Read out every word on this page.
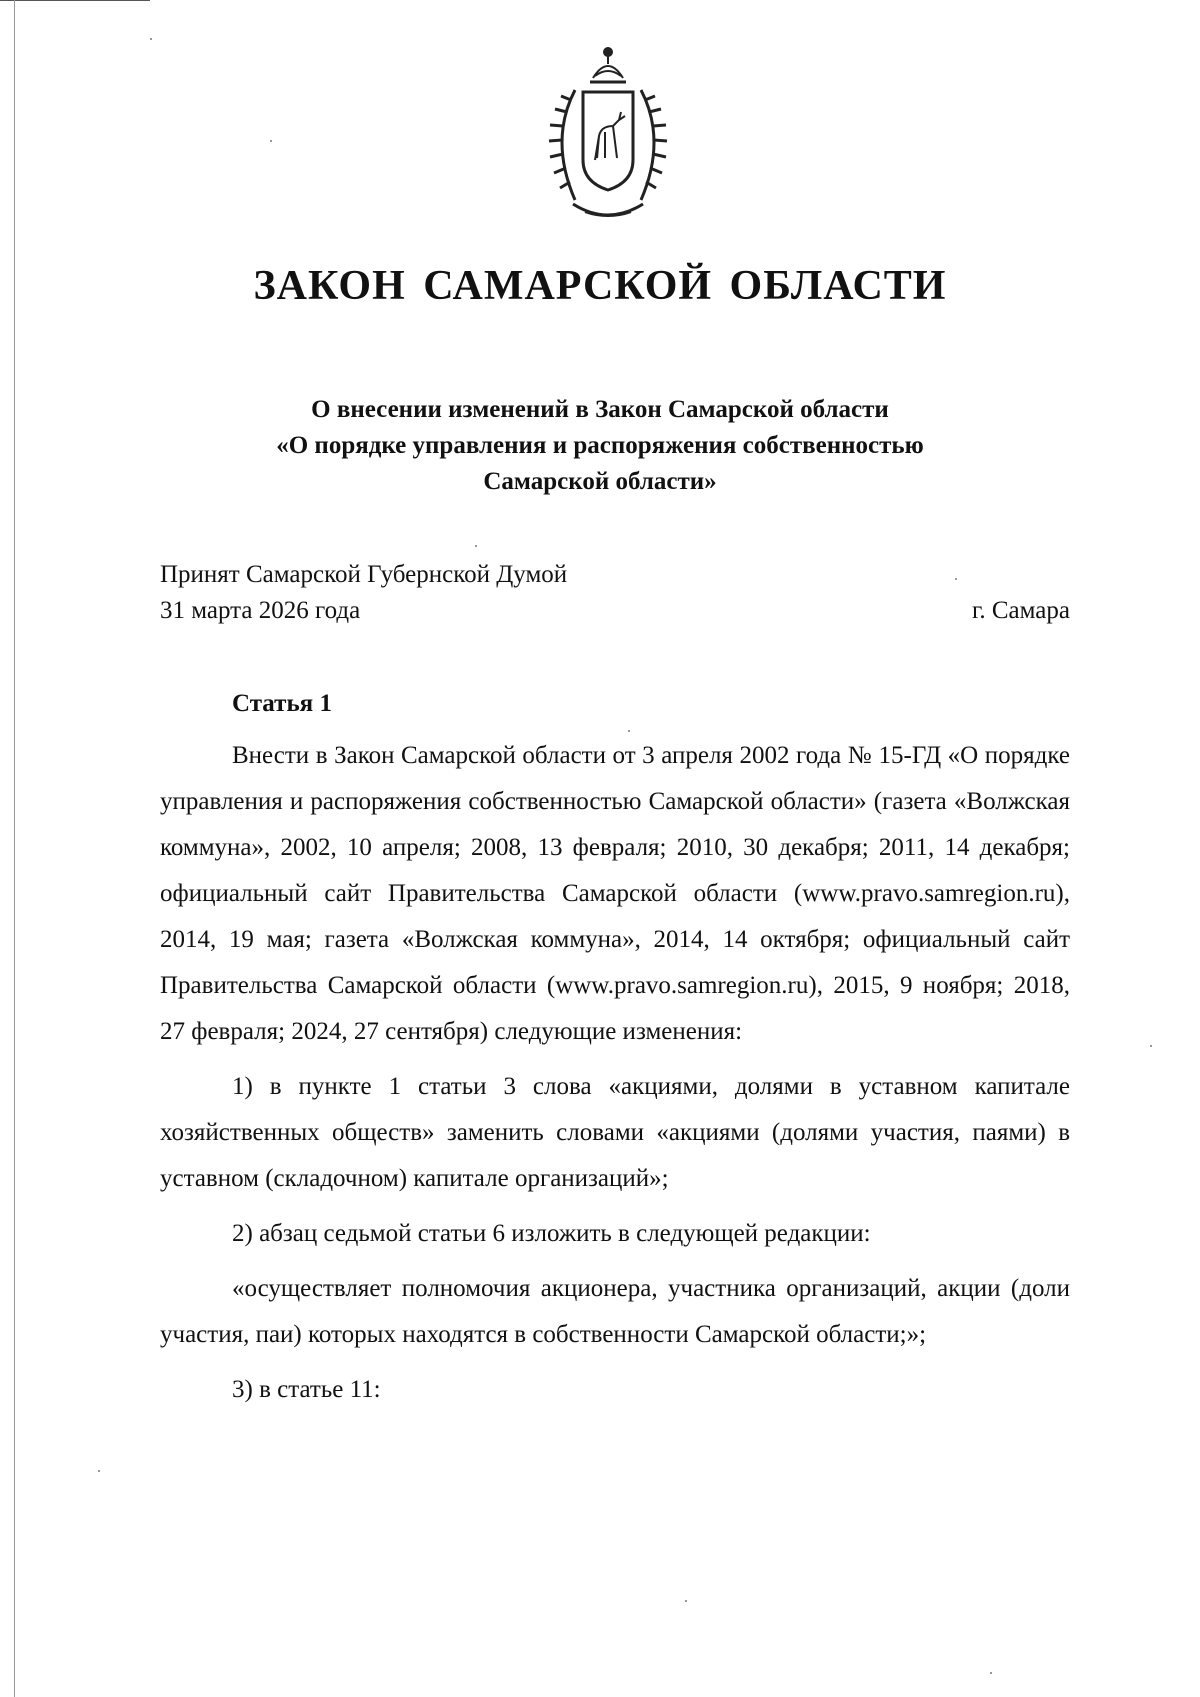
ЗАКОН САМАРСКОЙ ОБЛАСТИ
О внесении изменений в Закон Самарской области
«О порядке управления и распоряжения собственностью
Самарской области»
Принят Самарской Губернской Думой
31 марта 2026 года	г. Самара
Статья 1

Внести в Закон Самарской области от 3 апреля 2002 года № 15-ГД «О порядке управления и распоряжения собственностью Самарской области» (газета «Волжская коммуна», 2002, 10 апреля; 2008, 13 февраля; 2010, 30 декабря; 2011, 14 декабря; официальный сайт Правительства Самарской области (www.pravo.samregion.ru), 2014, 19 мая; газета «Волжская коммуна», 2014, 14 октября; официальный сайт Правительства Самарской области (www.pravo.samregion.ru), 2015, 9 ноября; 2018, 27 февраля; 2024, 27 сентября) следующие изменения:

1) в пункте 1 статьи 3 слова «акциями, долями в уставном капитале хозяйственных обществ» заменить словами «акциями (долями участия, паями) в уставном (складочном) капитале организаций»;

2) абзац седьмой статьи 6 изложить в следующей редакции:

«осуществляет полномочия акционера, участника организаций, акции (доли участия, паи) которых находятся в собственности Самарской области;»;

3) в статье 11:
